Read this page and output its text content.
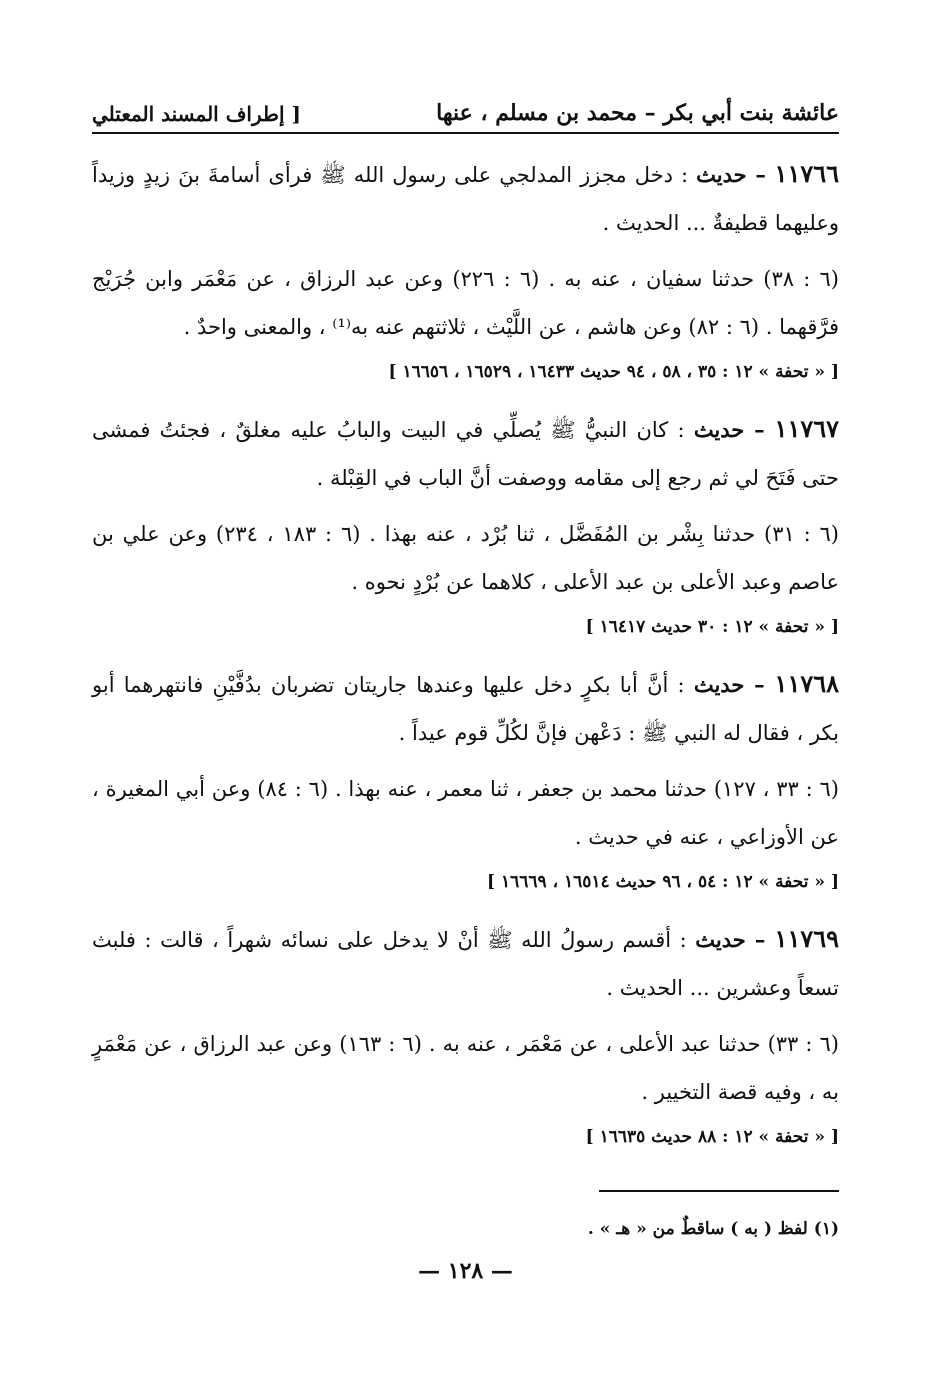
عائشة بنت أبي بكر – محمد بن مسلم ، عنها
[ إطراف المسند المعتلي

١١٧٦٦ – حديث : دخل مجزز المدلجي على رسول الله ﷺ فرأى أسامةَ بنَ زيدٍ وزيداً وعليهما قطيفةٌ ... الحديث .

(٦ : ٣٨) حدثنا سفيان ، عنه به . (٦ : ٢٢٦) وعن عبد الرزاق ، عن مَعْمَر وابن جُرَيْج فرَّقهما . (٦ : ٨٢) وعن هاشم ، عن اللَّيْث ، ثلاثتهم عنه به⁽¹⁾ ، والمعنى واحدٌ .

[ « تحفة » ١٢ : ٣٥ ، ٥٨ ، ٩٤ حديث ١٦٤٣٣ ، ١٦٥٢٩ ، ١٦٦٥٦ ]

١١٧٦٧ – حديث : كان النبيُّ ﷺ يُصلِّي في البيت والبابُ عليه مغلقٌ ، فجئتُ فمشى حتى فَتَحَ لي ثم رجع إلى مقامه ووصفت أنَّ الباب في القِبْلة .

(٦ : ٣١) حدثنا بِشْر بن المُفَضَّل ، ثنا بُرْد ، عنه بهذا . (٦ : ١٨٣ ، ٢٣٤) وعن علي بن عاصم وعبد الأعلى بن عبد الأعلى ، كلاهما عن بُرْدٍ نحوه .

[ « تحفة » ١٢ : ٣٠ حديث ١٦٤١٧ ]

١١٧٦٨ – حديث : أنَّ أبا بكرٍ دخل عليها وعندها جاريتان تضربان بدُفَّيْنِ فانتهرهما أبو بكر ، فقال له النبي ﷺ : دَعْهن فإنَّ لكُلِّ قوم عيداً .

(٦ : ٣٣ ، ١٢٧) حدثنا محمد بن جعفر ، ثنا معمر ، عنه بهذا . (٦ : ٨٤) وعن أبي المغيرة ، عن الأوزاعي ، عنه في حديث .

[ « تحفة » ١٢ : ٥٤ ، ٩٦ حديث ١٦٥١٤ ، ١٦٦٦٩ ]

١١٧٦٩ – حديث : أقسم رسولُ الله ﷺ أنْ لا يدخل على نسائه شهراً ، قالت : فلبث تسعاً وعشرين ... الحديث .

(٦ : ٣٣) حدثنا عبد الأعلى ، عن مَعْمَر ، عنه به . (٦ : ١٦٣) وعن عبد الرزاق ، عن مَعْمَرٍ به ، وفيه قصة التخيير .

[ « تحفة » ١٢ : ٨٨ حديث ١٦٦٣٥ ]

(١) لفظ ( به ) ساقطٌ من « هـ » .

— ١٢٨ —
